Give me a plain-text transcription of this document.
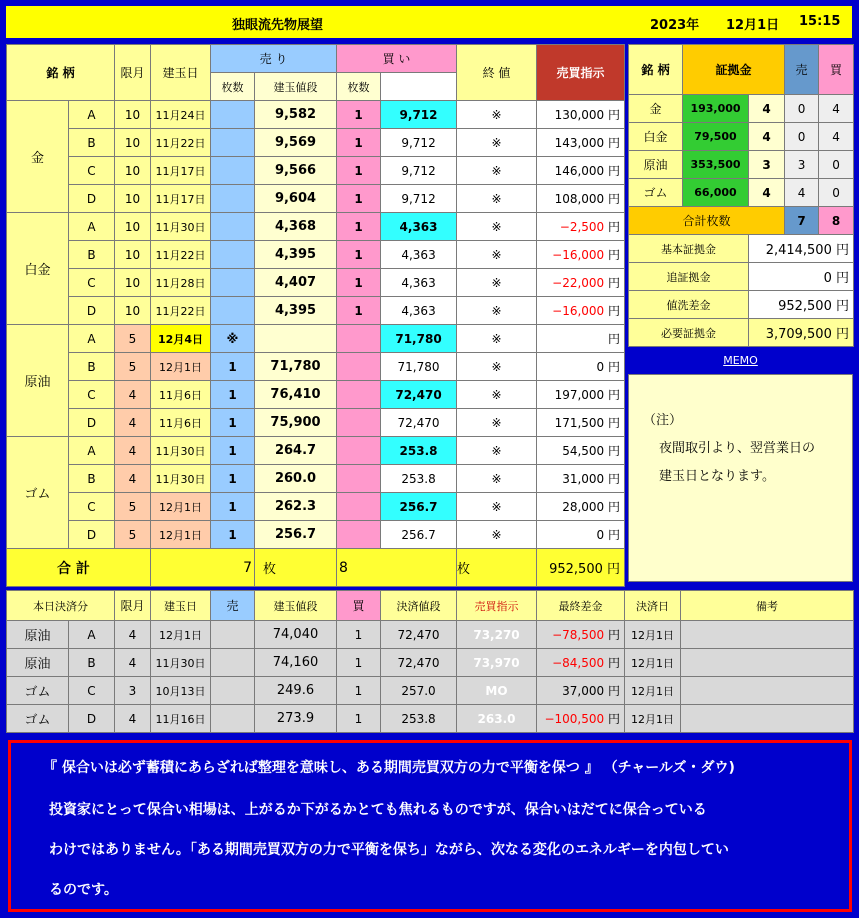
独眼流先物展望	2023年 12月1日 15:15
銘 柄		限月	建玉日	売 り		買 い		終 値	売買指示	
				枚数	建玉値段	枚数				
金	A	10	11月24日		9,582	1	9,712	※	130,000 円	
	B	10	11月22日		9,569	1	9,712	※	143,000 円	
	C	10	11月17日		9,566	1	9,712	※	146,000 円	
	D	10	11月17日		9,604	1	9,712	※	108,000 円	
白金	A	10	11月30日		4,368	1	4,363	※	−2,500 円	
	B	10	11月22日		4,395	1	4,363	※	−16,000 円	
	C	10	11月28日		4,407	1	4,363	※	−22,000 円	
	D	10	11月22日		4,395	1	4,363	※	−16,000 円	
原油	A	5	12月4日	※			71,780	※	円	
	B	5	12月1日	1	71,780		71,780	※	0 円	
	C	4	11月6日	1	76,410		72,470	※	197,000 円	
	D	4	11月6日	1	75,900		72,470	※	171,500 円	
ゴム	A	4	11月30日	1	264.7		253.8	※	54,500 円	
	B	4	11月30日	1	260.0		253.8	※	31,000 円	
	C	5	12月1日	1	262.3		256.7	※	28,000 円	
	D	5	12月1日	1	256.7		256.7	※	0 円	
合 計			7		枚	8		枚	952,500 円	
銘 柄	証拠金		売	買
金	193,000	4	0	4
白金	79,500	4	0	4
原油	353,500	3	3	0
ゴム	66,000	4	4	0
合計枚数			7	8
基本証拠金		2,414,500 円		
追証拠金		0 円		
値洗差金		952,500 円		
必要証拠金		3,709,500 円		
MEMO
（注）
夜間取引より、翌営業日の
建玉日となります。
本日決済分		限月	建玉日	売	建玉値段	買	決済値段	売買指示	最終差金	決済日	備考
原油	A	4	12月1日		74,040	1	72,470	73,270	−78,500 円	12月1日	
原油	B	4	11月30日		74,160	1	72,470	73,970	−84,500 円	12月1日	
ゴム	C	3	10月13日		249.6	1	257.0	MO	37,000 円	12月1日	
ゴム	D	4	11月16日		273.9	1	253.8	263.0	−100,500 円	12月1日	
『 保合いは必ず蓄積にあらざれば整理を意味し、ある期間売買双方の力で平衡を保つ 』 （チャールズ・ダウ)
投資家にとって保合い相場は、上がるか下がるかとても焦れるものですが、保合いはだてに保合っている
わけではありません。「ある期間売買双方の力で平衡を保ち」ながら、次なる変化のエネルギーを内包してい
るのです。
